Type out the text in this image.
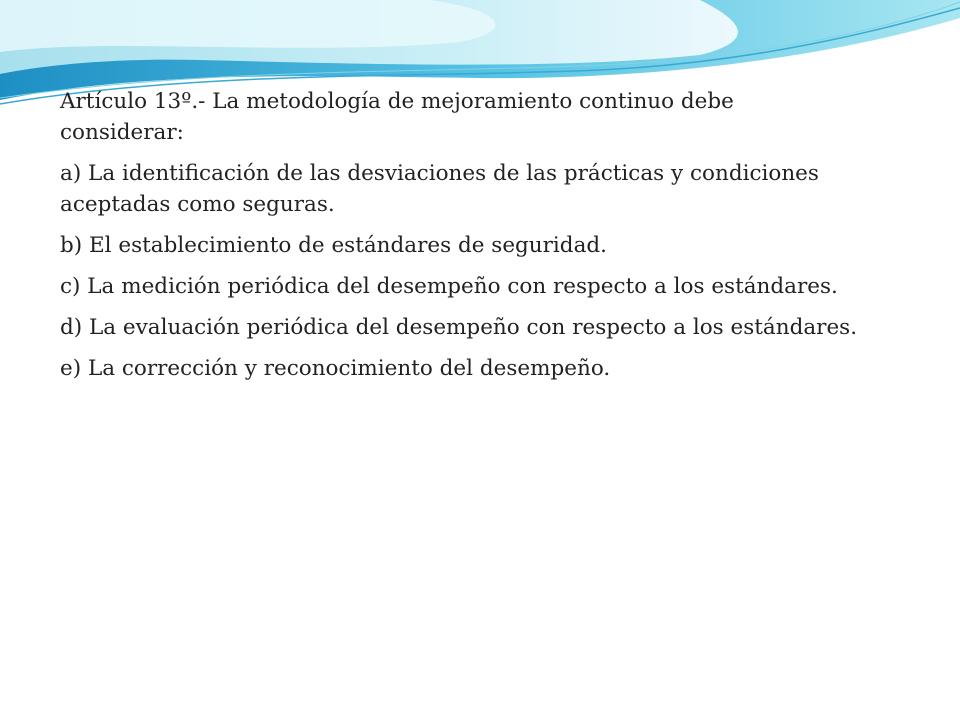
Artículo 13º.- La metodología de mejoramiento continuo debe considerar:

a) La identificación de las desviaciones de las prácticas y condiciones aceptadas como seguras.

b) El establecimiento de estándares de seguridad.

c) La medición periódica del desempeño con respecto a los estándares.

d) La evaluación periódica del desempeño con respecto a los estándares.

e) La corrección y reconocimiento del desempeño.
